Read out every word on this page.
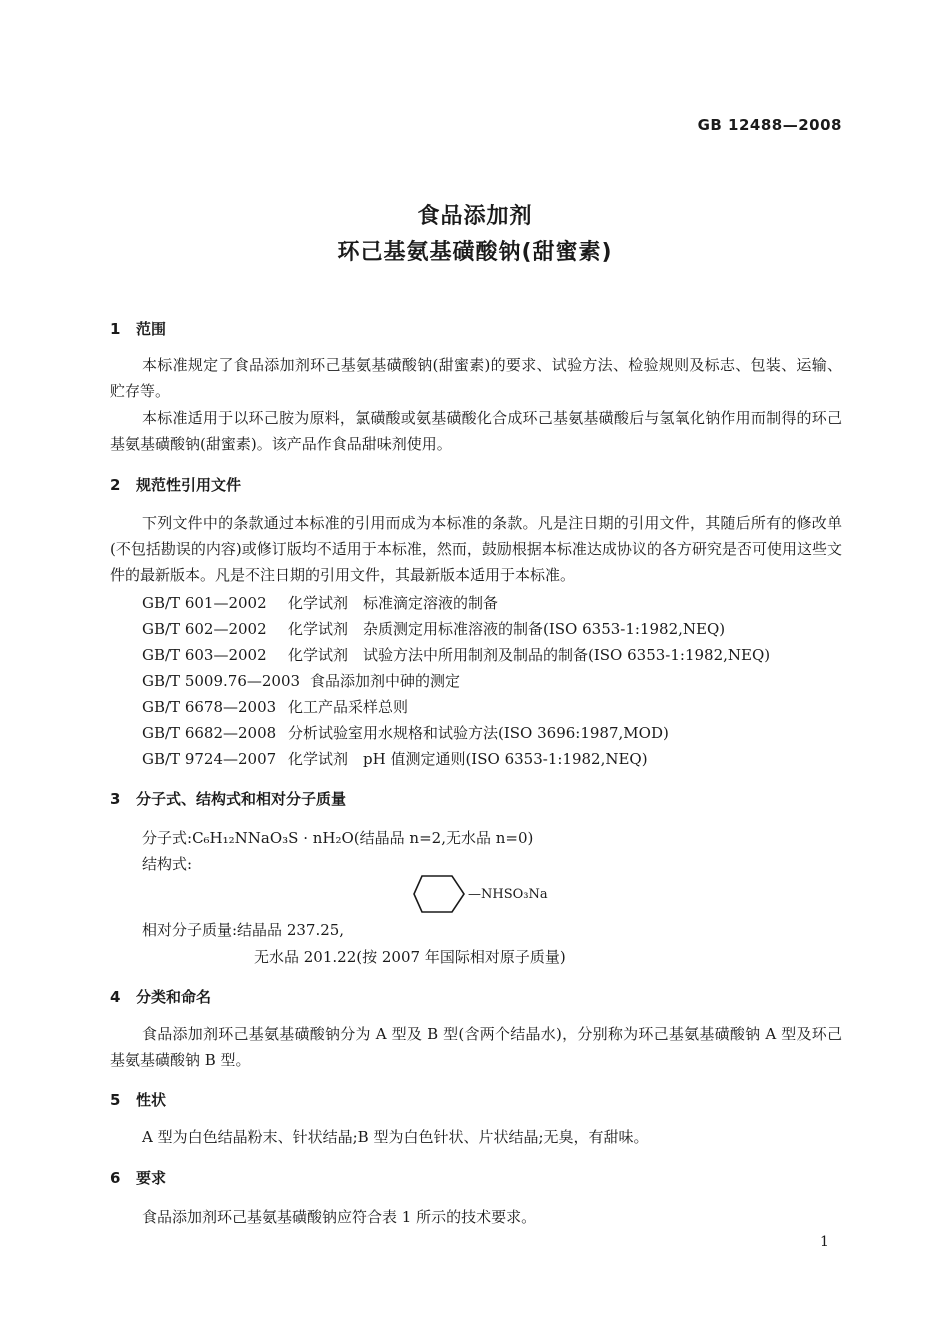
GB 12488—2008
食品添加剂
环己基氨基磺酸钠(甜蜜素)
1 范围

本标准规定了食品添加剂环己基氨基磺酸钠(甜蜜素)的要求、试验方法、检验规则及标志、包装、运输、贮存等。

本标准适用于以环己胺为原料，氯磺酸或氨基磺酸化合成环己基氨基磺酸后与氢氧化钠作用而制得的环己基氨基磺酸钠(甜蜜素)。该产品作食品甜味剂使用。

2 规范性引用文件

下列文件中的条款通过本标准的引用而成为本标准的条款。凡是注日期的引用文件，其随后所有的修改单(不包括勘误的内容)或修订版均不适用于本标准，然而，鼓励根据本标准达成协议的各方研究是否可使用这些文件的最新版本。凡是不注日期的引用文件，其最新版本适用于本标准。

GB/T 601—2002 化学试剂　标准滴定溶液的制备
GB/T 602—2002 化学试剂　杂质测定用标准溶液的制备(ISO 6353-1:1982,NEQ)
GB/T 603—2002 化学试剂　试验方法中所用制剂及制品的制备(ISO 6353-1:1982,NEQ)
GB/T 5009.76—2003 食品添加剂中砷的测定
GB/T 6678—2003 化工产品采样总则
GB/T 6682—2008 分析试验室用水规格和试验方法(ISO 3696:1987,MOD)
GB/T 9724—2007 化学试剂　pH 值测定通则(ISO 6353-1:1982,NEQ)
3 分子式、结构式和相对分子质量
分子式:C₆H₁₂NNaO₃S · nH₂O(结晶品 n=2,无水品 n=0)
结构式:
—NHSO₃Na
相对分子质量:结晶品 237.25,
无水品 201.22(按 2007 年国际相对原子质量)
4 分类和命名

食品添加剂环己基氨基磺酸钠分为 A 型及 B 型(含两个结晶水)，分别称为环己基氨基磺酸钠 A 型及环己基氨基磺酸钠 B 型。

5 性状

A 型为白色结晶粉末、针状结晶;B 型为白色针状、片状结晶;无臭，有甜味。

6 要求

食品添加剂环己基氨基磺酸钠应符合表 1 所示的技术要求。

1
